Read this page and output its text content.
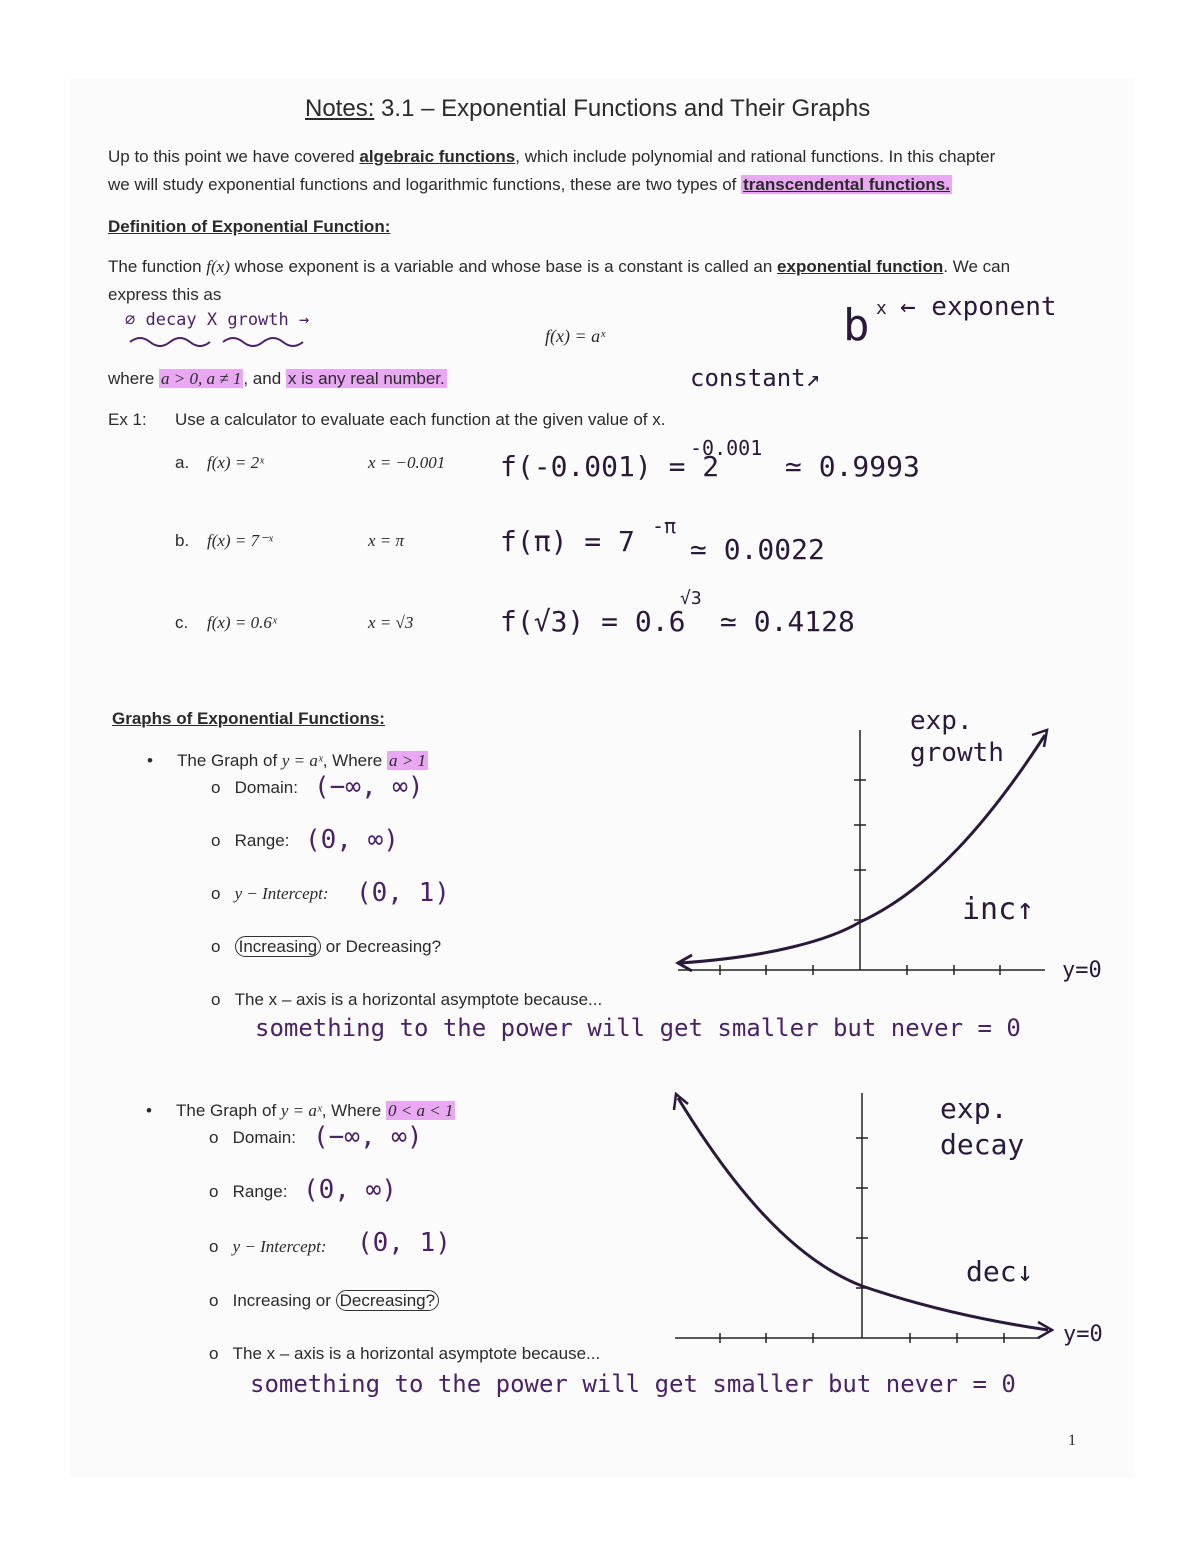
Notes: 3.1 – Exponential Functions and Their Graphs
Up to this point we have covered algebraic functions, which include polynomial and rational functions. In this chapter
we will study exponential functions and logarithmic functions, these are two types of transcendental functions.
Definition of Exponential Function:
The function f(x) whose exponent is a variable and whose base is a constant is called an exponential function. We can
express this as
∅ decay X growth →
f(x) = aˣ	b x ← exponent
constant↗
where a > 0, a ≠ 1 , and x is any real number.
Ex 1: Use a calculator to evaluate each function at the given value of x.
a. f(x) = 2ˣ	x = −0.001 f(-0.001) = 2
-0.001
≃ 0.9993
b. f(x) = 7⁻ˣ	x = π	f(π) = 7 -π
≃ 0.0022
c. f(x) = 0.6ˣ	x = √3	f(√3) = 0.6
√3
≃ 0.4128
Graphs of Exponential Functions:
• The Graph of y = aˣ, Where a > 1
o   Domain: (−∞, ∞)
o   Range: (0, ∞)
o   y − Intercept: (0, 1)
o   Increasing or Decreasing?
o   The x – axis is a horizontal asymptote because...
something to the power will get smaller but never = 0
exp.
growth
inc↑
y=0
• The Graph of y = aˣ, Where 0 < a < 1
o   Domain: (−∞, ∞)
o   Range: (0, ∞)
o   y − Intercept: (0, 1)
o   Increasing or Decreasing?
o   The x – axis is a horizontal asymptote because...
something to the power will get smaller but never = 0
exp.
decay
dec↓
y=0
1
